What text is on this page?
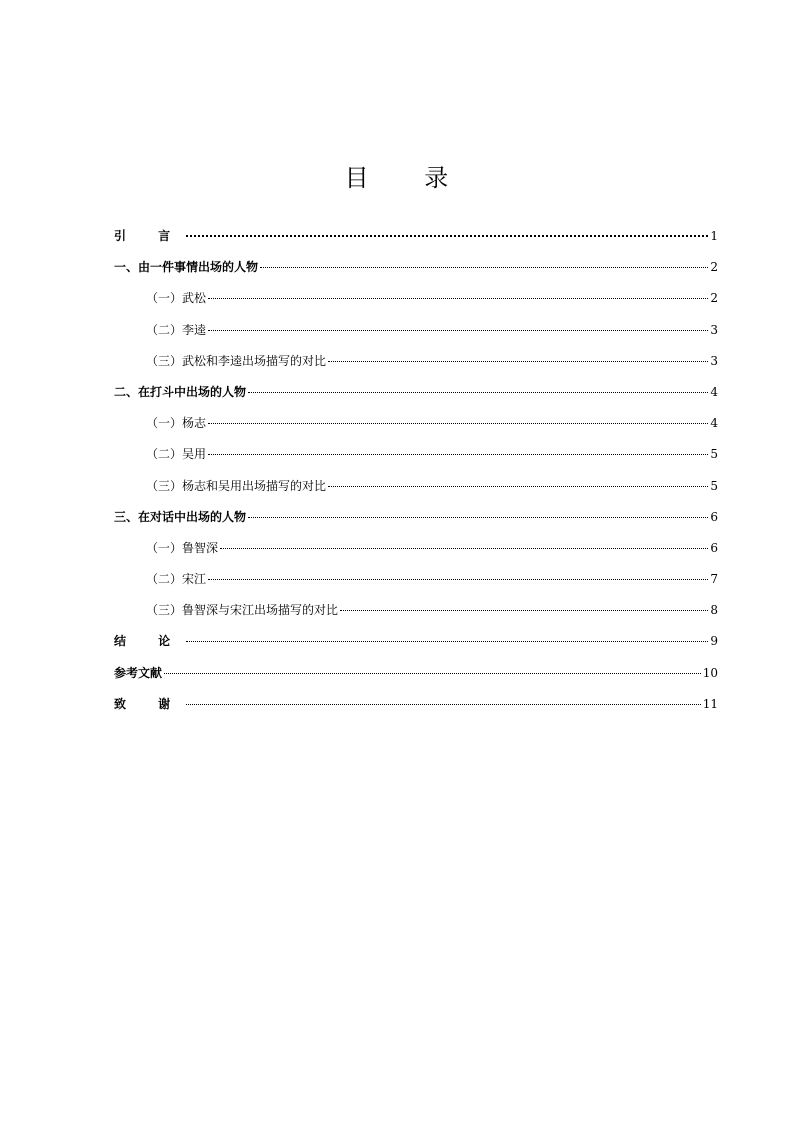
目 录
引 言	1
一、由一件事情出场的人物	2
（一）武松	2
（二）李逵	3
（三）武松和李逵出场描写的对比	3
二、在打斗中出场的人物	4
（一）杨志	4
（二）吴用	5
（三）杨志和吴用出场描写的对比	5
三、在对话中出场的人物	6
（一）鲁智深	6
（二）宋江	7
（三）鲁智深与宋江出场描写的对比	8
结 论	9
参考文献	10
致 谢	11
